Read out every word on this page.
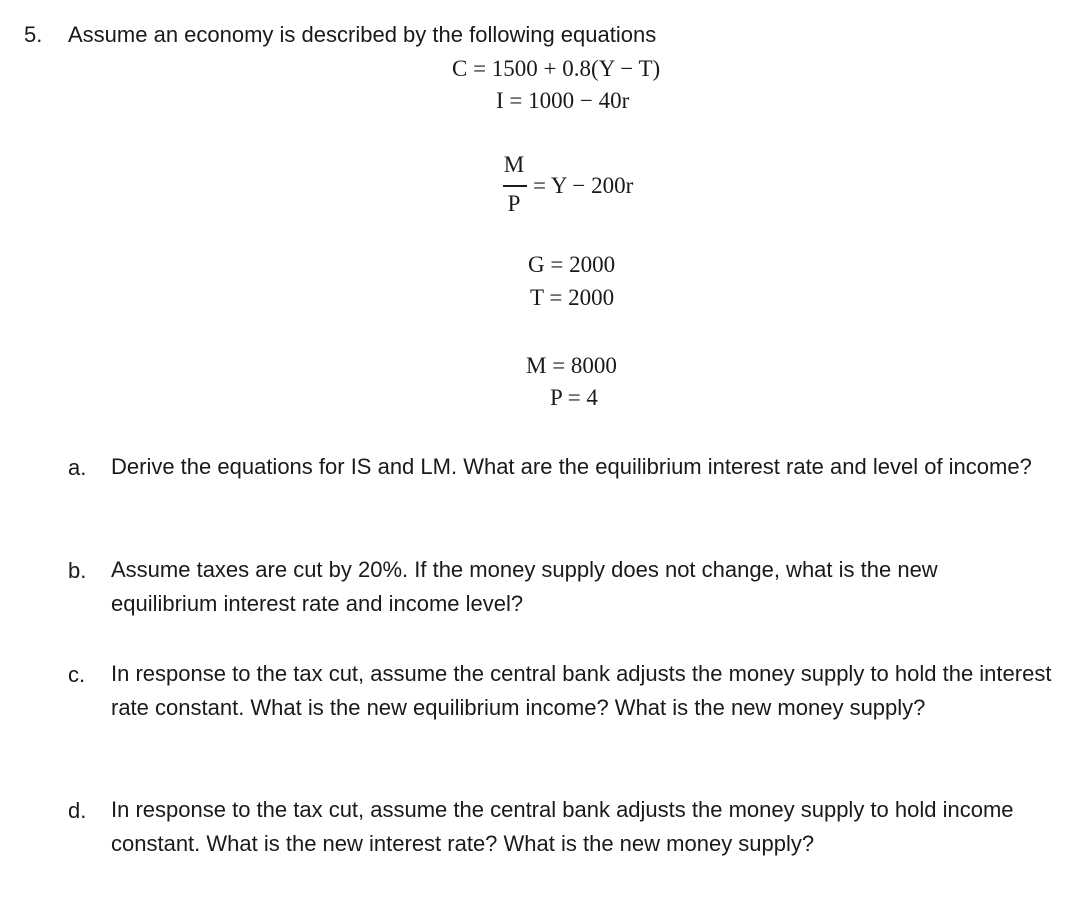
5. Assume an economy is described by the following equations
C = 1500 + 0.8(Y − T)
I = 1000 − 40r
M
P
= Y − 200r
G = 2000
T = 2000
M = 8000
P = 4
a. Derive the equations for IS and LM. What are the equilibrium interest rate and level of income?
b. Assume taxes are cut by 20%. If the money supply does not change, what is the new equilibrium interest rate and income level?
c. In response to the tax cut, assume the central bank adjusts the money supply to hold the interest rate constant. What is the new equilibrium income? What is the new money supply?
d. In response to the tax cut, assume the central bank adjusts the money supply to hold income constant. What is the new interest rate? What is the new money supply?
